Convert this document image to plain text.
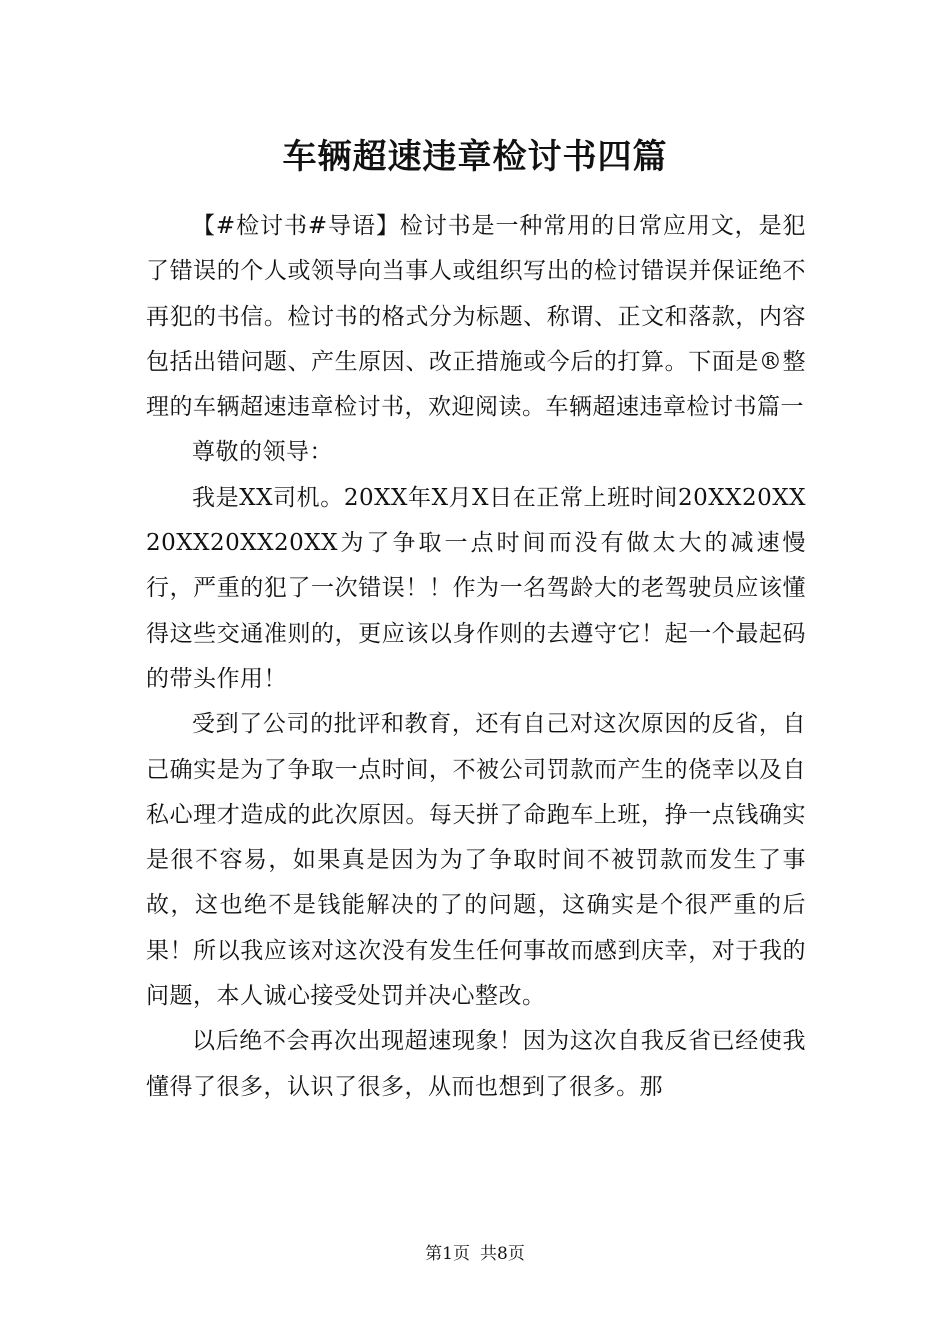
车辆超速违章检讨书四篇

【#检讨书#导语】检讨书是一种常用的日常应用文，是犯了错误的个人或领导向当事人或组织写出的检讨错误并保证绝不再犯的书信。检讨书的格式分为标题、称谓、正文和落款，内容包括出错问题、产生原因、改正措施或今后的打算。下面是®整理的车辆超速违章检讨书，欢迎阅读。车辆超速违章检讨书篇一

尊敬的领导：

我是XX司机。20XX年X月X日在正常上班时间20XX20XX20XX20XX20XX为了争取一点时间而没有做太大的减速慢行，严重的犯了一次错误！！作为一名驾龄大的老驾驶员应该懂得这些交通准则的，更应该以身作则的去遵守它！起一个最起码的带头作用！

受到了公司的批评和教育，还有自己对这次原因的反省，自己确实是为了争取一点时间，不被公司罚款而产生的侥幸以及自私心理才造成的此次原因。每天拼了命跑车上班，挣一点钱确实是很不容易，如果真是因为为了争取时间不被罚款而发生了事故，这也绝不是钱能解决的了的问题，这确实是个很严重的后果！所以我应该对这次没有发生任何事故而感到庆幸，对于我的问题，本人诚心接受处罚并决心整改。

以后绝不会再次出现超速现象！因为这次自我反省已经使我懂得了很多，认识了很多，从而也想到了很多。那

第1页 共8页
